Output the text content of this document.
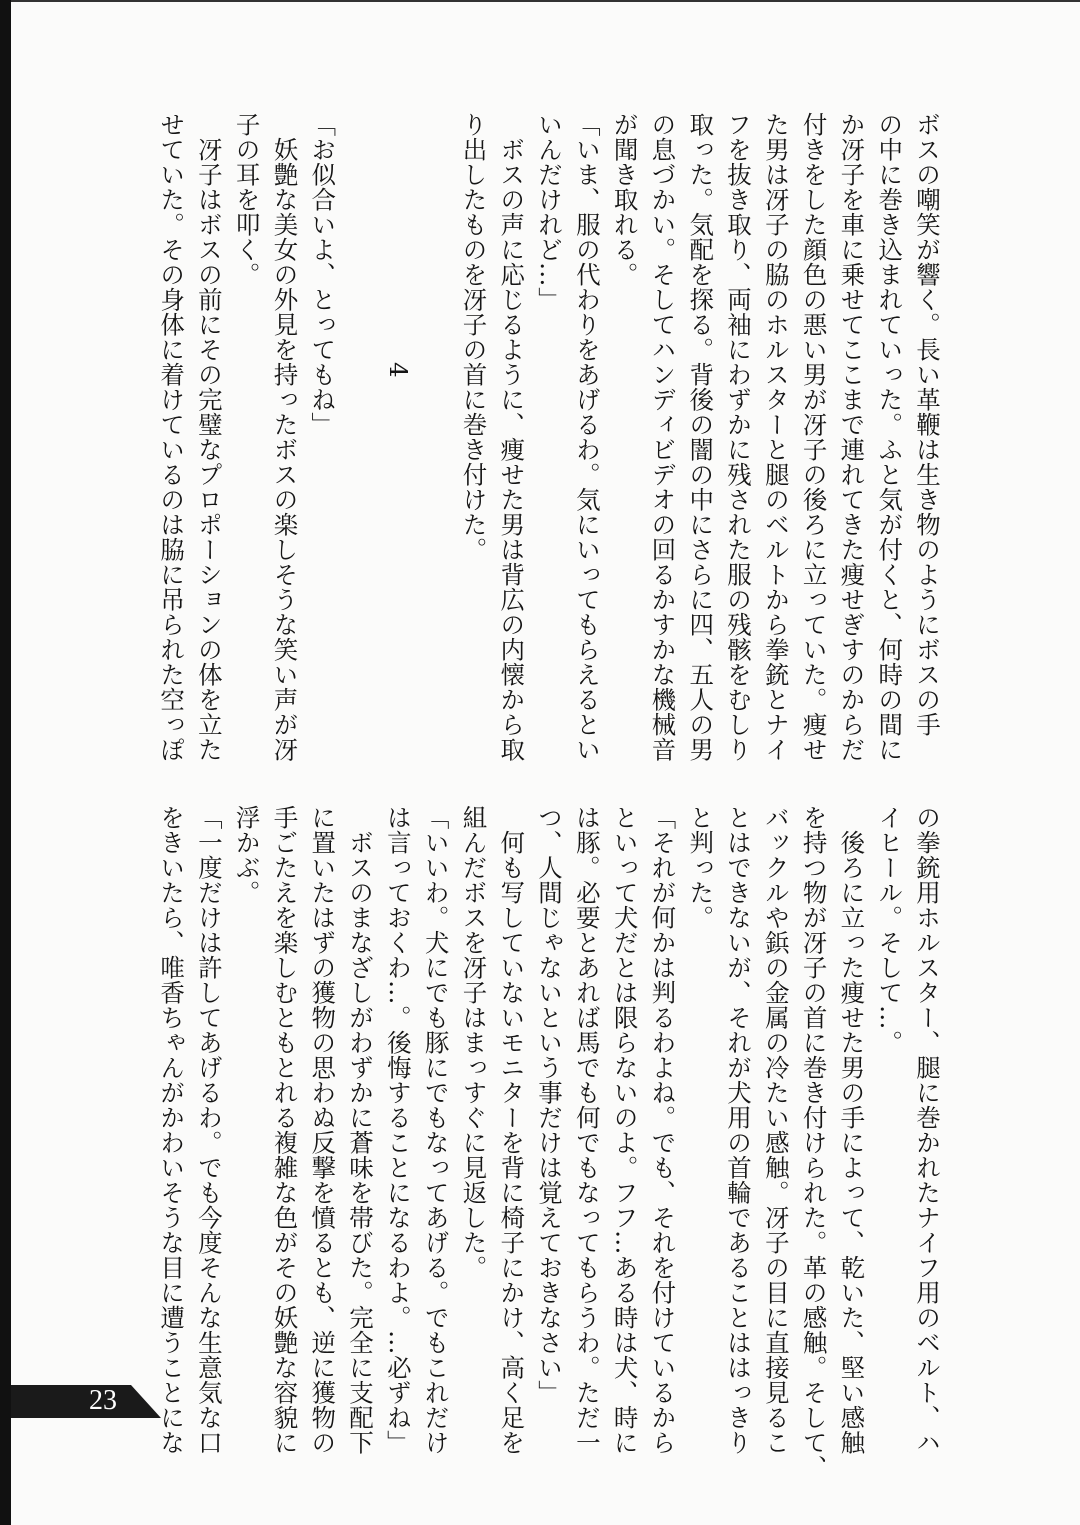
ボスの嘲笑が響く。長い革鞭は生き物のようにボスの手
の中に巻き込まれていった。ふと気が付くと、何時の間に
か冴子を車に乗せてここまで連れてきた痩せぎすのからだ
付きをした顔色の悪い男が冴子の後ろに立っていた。痩せ
た男は冴子の脇のホルスターと腿のベルトから拳銃とナイ
フを抜き取り、両袖にわずかに残された服の残骸をむしり
取った。気配を探る。背後の闇の中にさらに四、五人の男
の息づかい。そしてハンディビデオの回るかすかな機械音
が聞き取れる。
「いま、服の代わりをあげるわ。気にいってもらえるとい
いんだけれど…」
　ボスの声に応じるように、痩せた男は背広の内懐から取
り出したものを冴子の首に巻き付けた。

4

「お似合いよ、とってもね」
　妖艶な美女の外見を持ったボスの楽しそうな笑い声が冴
子の耳を叩く。
　冴子はボスの前にその完璧なプロポーションの体を立た
せていた。その身体に着けているのは脇に吊られた空っぽ
の拳銃用ホルスター、腿に巻かれたナイフ用のベルト、ハ
イヒール。そして…。
　後ろに立った痩せた男の手によって、乾いた、堅い感触
を持つ物が冴子の首に巻き付けられた。革の感触。そして、
バックルや鋲の金属の冷たい感触。冴子の目に直接見るこ
とはできないが、それが犬用の首輪であることははっきり
と判った。
「それが何かは判るわよね。でも、それを付けているから
といって犬だとは限らないのよ。フフ…ある時は犬、時に
は豚。必要とあれば馬でも何でもなってもらうわ。ただ一
つ、人間じゃないという事だけは覚えておきなさい」
　何も写していないモニターを背に椅子にかけ、高く足を
組んだボスを冴子はまっすぐに見返した。
「いいわ。犬にでも豚にでもなってあげる。でもこれだけ
は言っておくわ…。後悔することになるわよ。…必ずね」
　ボスのまなざしがわずかに蒼味を帯びた。完全に支配下
に置いたはずの獲物の思わぬ反撃を憤るとも、逆に獲物の
手ごたえを楽しむともとれる複雑な色がその妖艶な容貌に
浮かぶ。
「一度だけは許してあげるわ。でも今度そんな生意気な口
をきいたら、唯香ちゃんがかわいそうな目に遭うことにな
23
